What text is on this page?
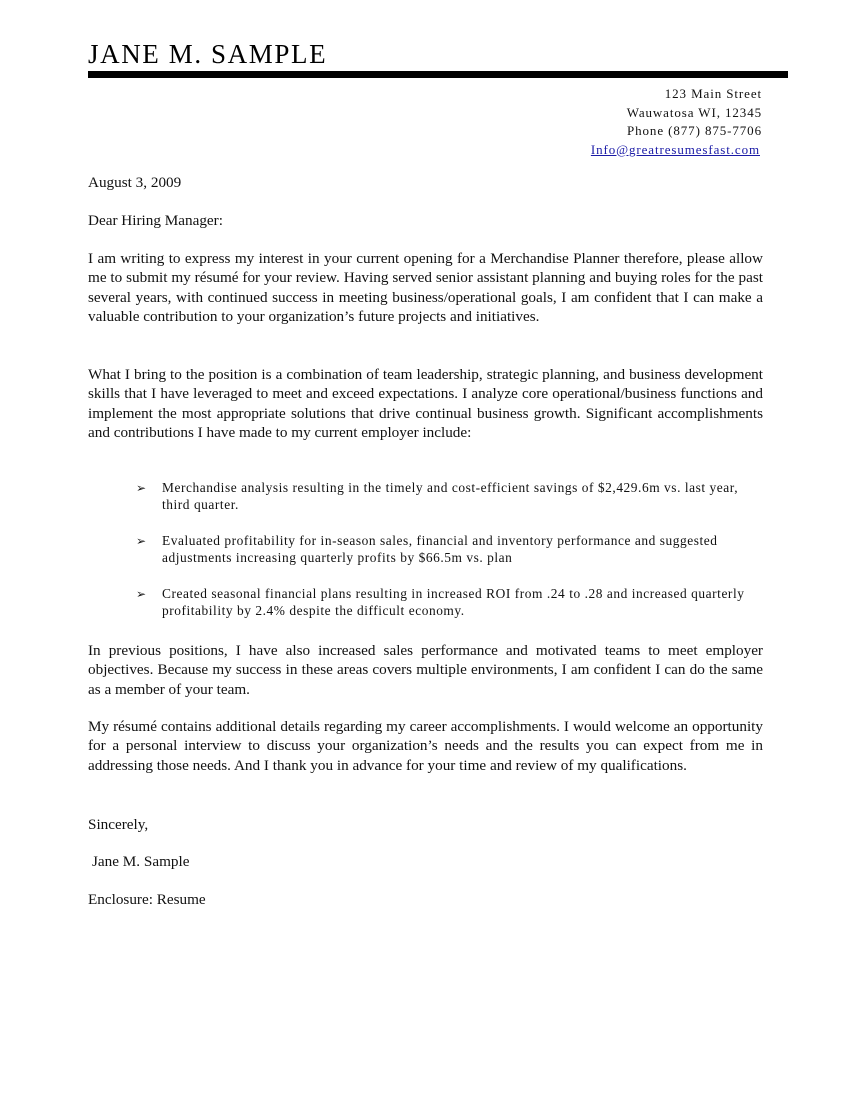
JANE M. SAMPLE
123 Main Street
Wauwatosa WI, 12345
Phone (877) 875-7706
Info@greatresumesfast.com
August 3, 2009
Dear Hiring Manager:
I am writing to express my interest in your current opening for a Merchandise Planner therefore, please allow me to submit my résumé for your review. Having served senior assistant planning and buying roles for the past several years, with continued success in meeting business/operational goals, I am confident that I can make a valuable contribution to your organization’s future projects and initiatives.
What I bring to the position is a combination of team leadership, strategic planning, and business development skills that I have leveraged to meet and exceed expectations. I analyze core operational/business functions and implement the most appropriate solutions that drive continual business growth. Significant accomplishments and contributions I have made to my current employer include:
➢ Merchandise analysis resulting in the timely and cost-efficient savings of $2,429.6m vs. last year, third quarter.
➢ Evaluated profitability for in-season sales, financial and inventory performance and suggested adjustments increasing quarterly profits by $66.5m vs. plan
➢ Created seasonal financial plans resulting in increased ROI from .24 to .28 and increased quarterly profitability by 2.4% despite the difficult economy.
In previous positions, I have also increased sales performance and motivated teams to meet employer objectives. Because my success in these areas covers multiple environments, I am confident I can do the same as a member of your team.
My résumé contains additional details regarding my career accomplishments. I would welcome an opportunity for a personal interview to discuss your organization’s needs and the results you can expect from me in addressing those needs. And I thank you in advance for your time and review of my qualifications.
Sincerely,
Jane M. Sample
Enclosure: Resume
